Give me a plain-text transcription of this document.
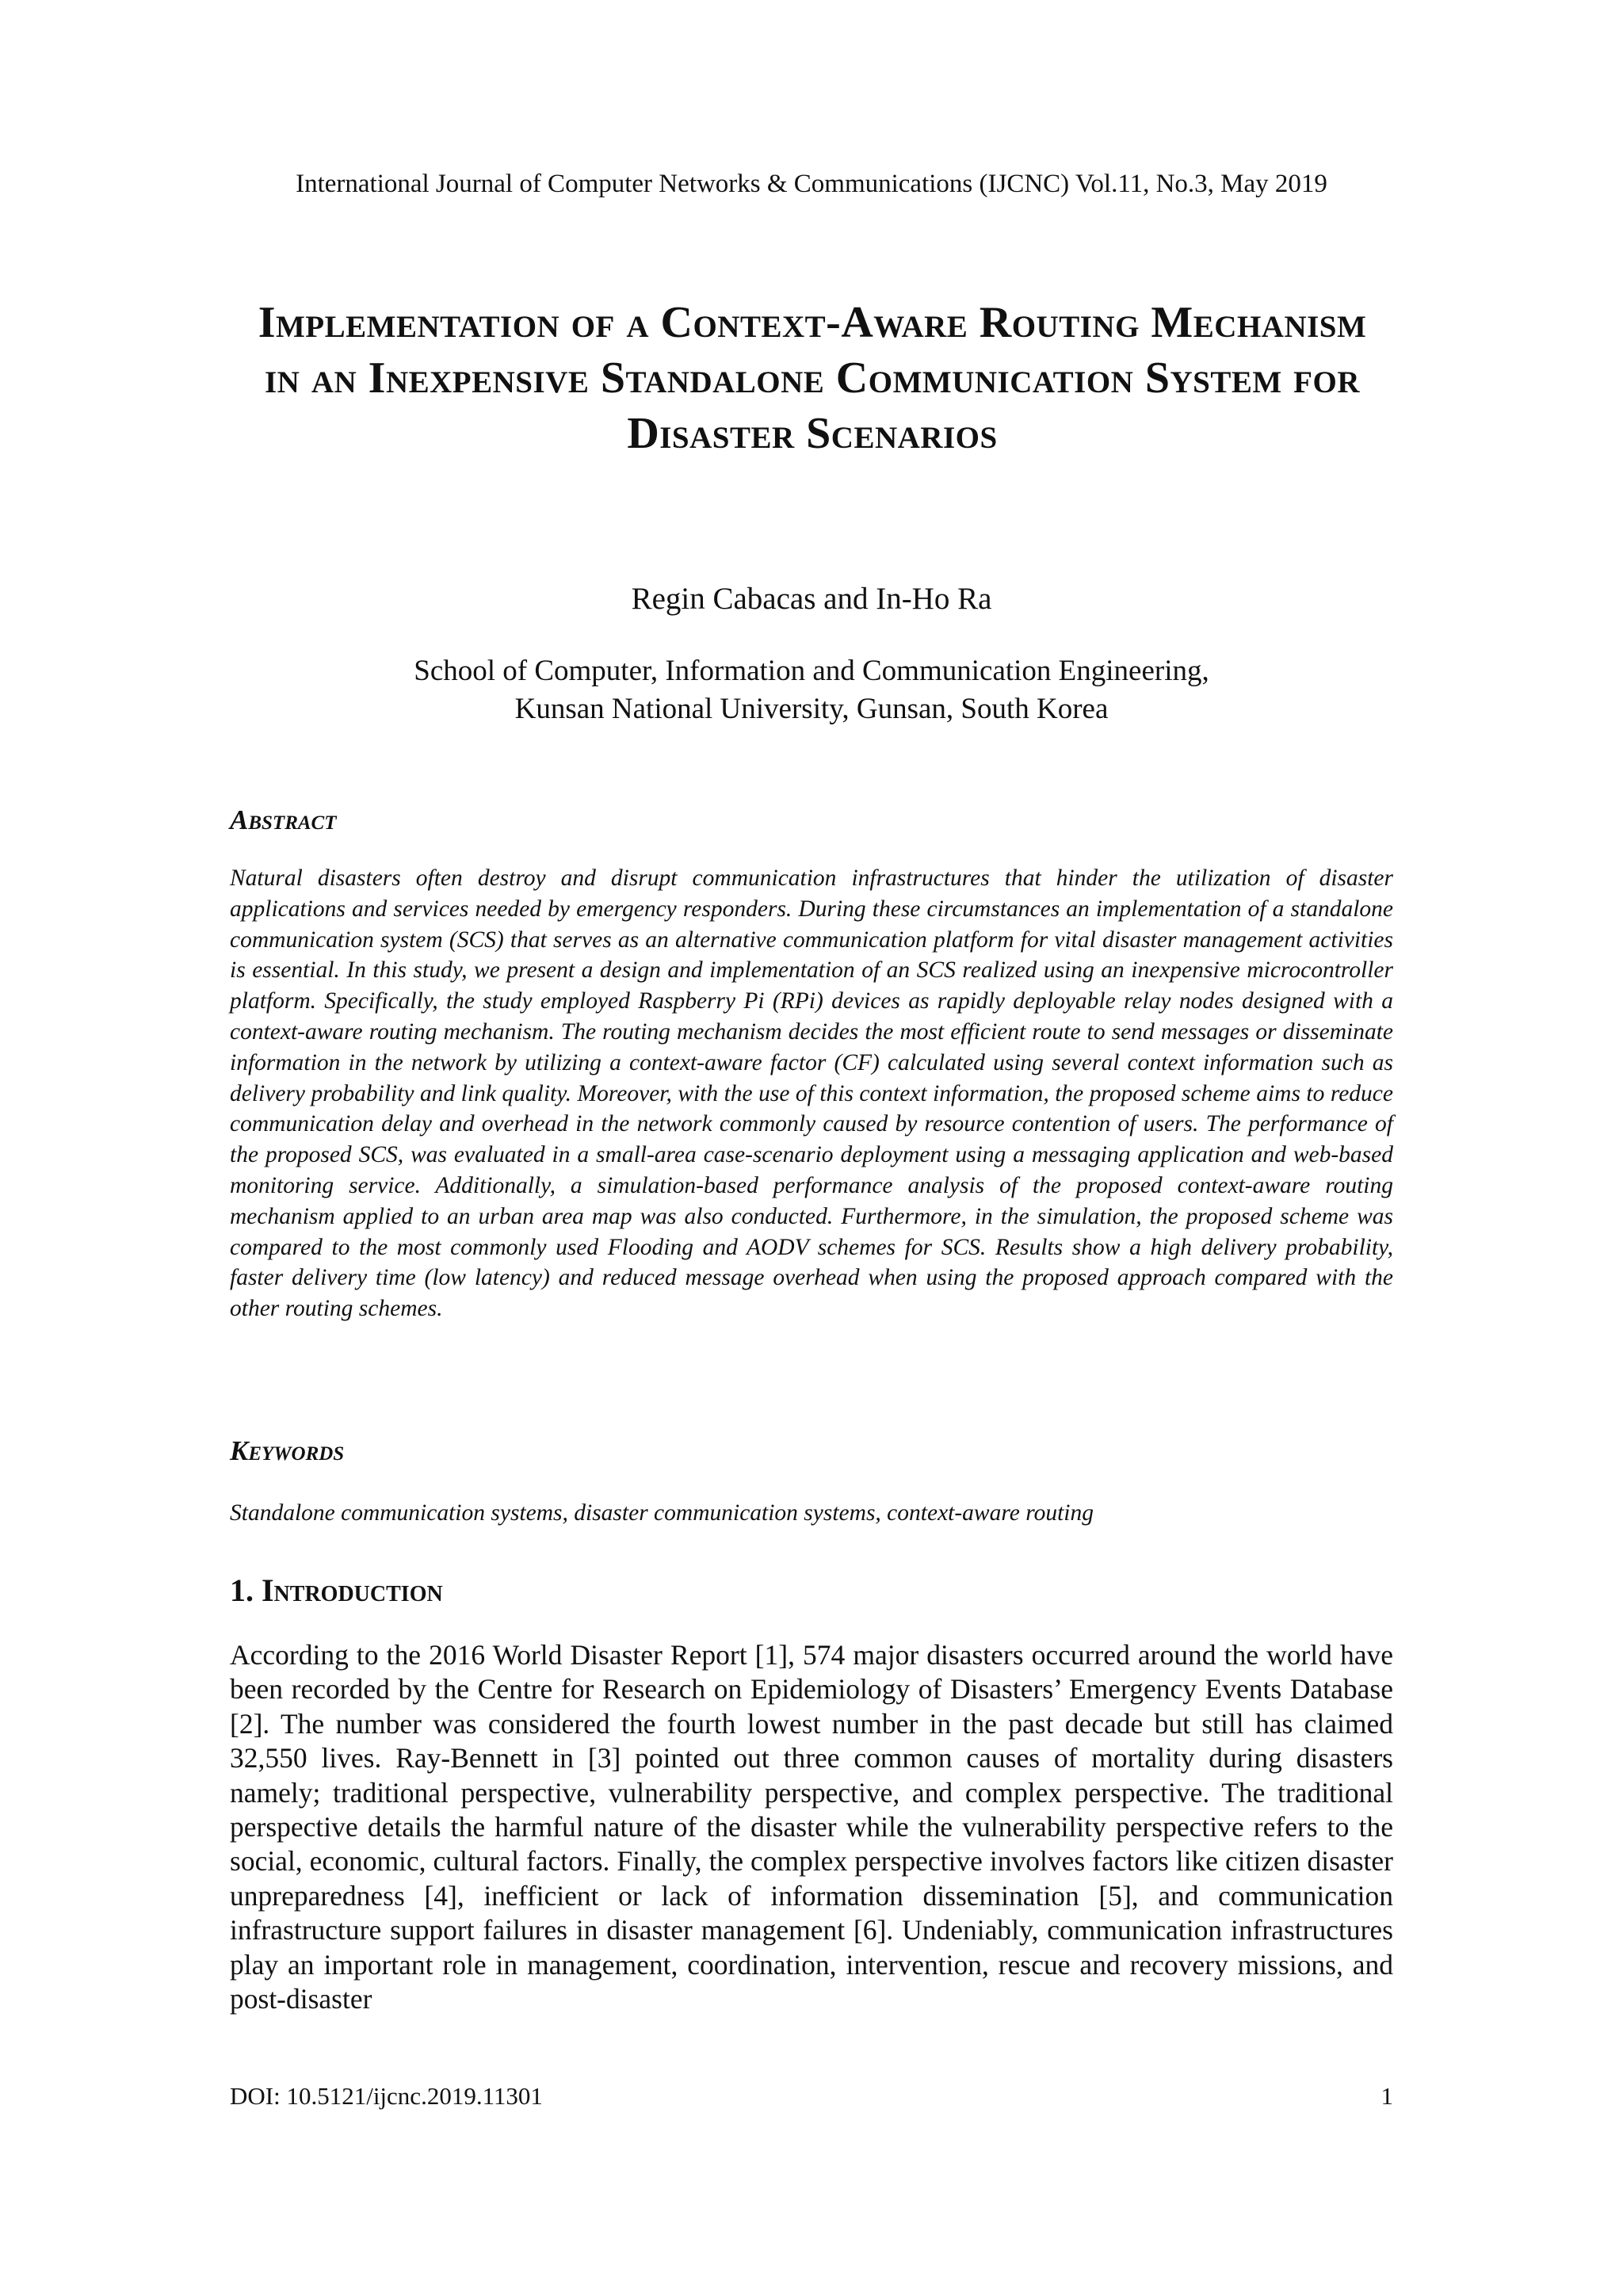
International Journal of Computer Networks & Communications (IJCNC) Vol.11, No.3, May 2019
Implementation of a Context-Aware Routing Mechanism in an Inexpensive Standalone Communication System for Disaster Scenarios
Regin Cabacas and In-Ho Ra
School of Computer, Information and Communication Engineering,
Kunsan National University, Gunsan, South Korea
Abstract

Natural disasters often destroy and disrupt communication infrastructures that hinder the utilization of disaster applications and services needed by emergency responders. During these circumstances an implementation of a standalone communication system (SCS) that serves as an alternative communication platform for vital disaster management activities is essential. In this study, we present a design and implementation of an SCS realized using an inexpensive microcontroller platform. Specifically, the study employed Raspberry Pi (RPi) devices as rapidly deployable relay nodes designed with a context-aware routing mechanism. The routing mechanism decides the most efficient route to send messages or disseminate information in the network by utilizing a context-aware factor (CF) calculated using several context information such as delivery probability and link quality. Moreover, with the use of this context information, the proposed scheme aims to reduce communication delay and overhead in the network commonly caused by resource contention of users. The performance of the proposed SCS, was evaluated in a small-area case-scenario deployment using a messaging application and web-based monitoring service. Additionally, a simulation-based performance analysis of the proposed context-aware routing mechanism applied to an urban area map was also conducted. Furthermore, in the simulation, the proposed scheme was compared to the most commonly used Flooding and AODV schemes for SCS. Results show a high delivery probability, faster delivery time (low latency) and reduced message overhead when using the proposed approach compared with the other routing schemes.

Keywords

Standalone communication systems, disaster communication systems, context-aware routing

1. Introduction

According to the 2016 World Disaster Report [1], 574 major disasters occurred around the world have been recorded by the Centre for Research on Epidemiology of Disasters’ Emergency Events Database [2]. The number was considered the fourth lowest number in the past decade but still has claimed 32,550 lives. Ray-Bennett in [3] pointed out three common causes of mortality during disasters namely; traditional perspective, vulnerability perspective, and complex perspective. The traditional perspective details the harmful nature of the disaster while the vulnerability perspective refers to the social, economic, cultural factors. Finally, the complex perspective involves factors like citizen disaster unpreparedness [4], inefficient or lack of information dissemination [5], and communication infrastructure support failures in disaster management [6]. Undeniably, communication infrastructures play an important role in management, coordination, intervention, rescue and recovery missions, and post-disaster

DOI: 10.5121/ijcnc.2019.11301	1
